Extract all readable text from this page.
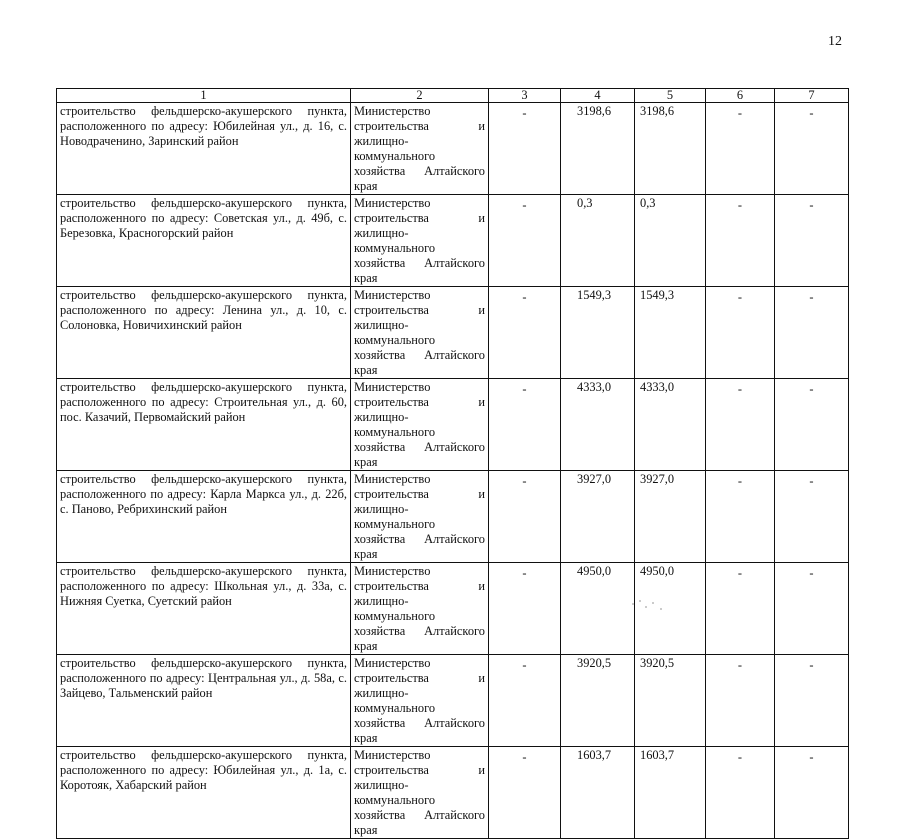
12
1	2	3	4	5	6	7
строительство фельдшерско-акушерского пункта, расположенного по адресу: Юбилейная ул., д. 16, с. Новодраченино, Заринский район	Министерство строительства и жилищно-коммунального хозяйства Алтайского края	-	3198,6	3198,6	-	-
строительство фельдшерско-акушерского пункта, расположенного по адресу: Советская ул., д. 49б, с. Березовка, Красногорский район	Министерство строительства и жилищно-коммунального хозяйства Алтайского края	-	0,3	0,3	-	-
строительство фельдшерско-акушерского пункта, расположенного по адресу: Ленина ул., д. 10, с. Солоновка, Новичихинский район	Министерство строительства и жилищно-коммунального хозяйства Алтайского края	-	1549,3	1549,3	-	-
строительство фельдшерско-акушерского пункта, расположенного по адресу: Строительная ул., д. 60, пос. Казачий, Первомайский район	Министерство строительства и жилищно-коммунального хозяйства Алтайского края	-	4333,0	4333,0	-	-
строительство фельдшерско-акушерского пункта, расположенного по адресу: Карла Маркса ул., д. 22б, с. Паново, Ребрихинский район	Министерство строительства и жилищно-коммунального хозяйства Алтайского края	-	3927,0	3927,0	-	-
строительство фельдшерско-акушерского пункта, расположенного по адресу: Школьная ул., д. 33а, с. Нижняя Суетка, Суетский район	Министерство строительства и жилищно-коммунального хозяйства Алтайского края	-	4950,0	4950,0	-	-
строительство фельдшерско-акушерского пункта, расположенного по адресу: Центральная ул., д. 58а, с. Зайцево, Тальменский район	Министерство строительства и жилищно-коммунального хозяйства Алтайского края	-	3920,5	3920,5	-	-
строительство фельдшерско-акушерского пункта, расположенного по адресу: Юбилейная ул., д. 1а, с. Коротояк, Хабарский район	Министерство строительства и жилищно-коммунального хозяйства Алтайского края	-	1603,7	1603,7	-	-
